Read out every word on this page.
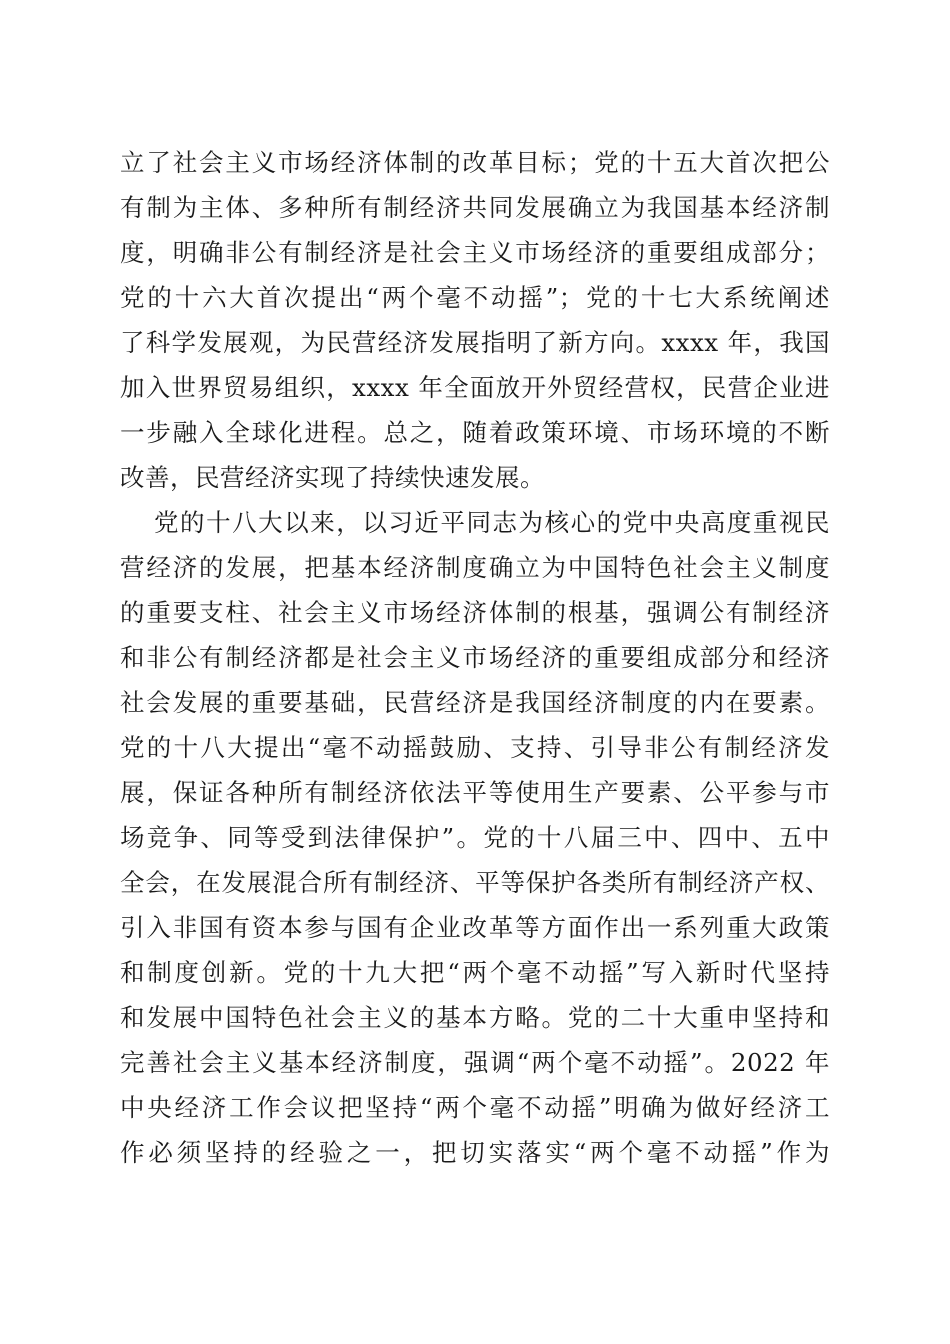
立了社会主义市场经济体制的改革目标；党的十五大首次把公
有制为主体、多种所有制经济共同发展确立为我国基本经济制
度，明确非公有制经济是社会主义市场经济的重要组成部分；
党的十六大首次提出“两个毫不动摇”；党的十七大系统阐述
了科学发展观，为民营经济发展指明了新方向。xxxx 年，我国
加入世界贸易组织，xxxx 年全面放开外贸经营权，民营企业进
一步融入全球化进程。总之，随着政策环境、市场环境的不断
改善，民营经济实现了持续快速发展。
党的十八大以来，以习近平同志为核心的党中央高度重视民
营经济的发展，把基本经济制度确立为中国特色社会主义制度
的重要支柱、社会主义市场经济体制的根基，强调公有制经济
和非公有制经济都是社会主义市场经济的重要组成部分和经济
社会发展的重要基础，民营经济是我国经济制度的内在要素。
党的十八大提出“毫不动摇鼓励、支持、引导非公有制经济发
展，保证各种所有制经济依法平等使用生产要素、公平参与市
场竞争、同等受到法律保护”。党的十八届三中、四中、五中
全会，在发展混合所有制经济、平等保护各类所有制经济产权、
引入非国有资本参与国有企业改革等方面作出一系列重大政策
和制度创新。党的十九大把“两个毫不动摇”写入新时代坚持
和发展中国特色社会主义的基本方略。党的二十大重申坚持和
完善社会主义基本经济制度，强调“两个毫不动摇”。2022 年
中央经济工作会议把坚持“两个毫不动摇”明确为做好经济工
作必须坚持的经验之一，把切实落实“两个毫不动摇”作为
